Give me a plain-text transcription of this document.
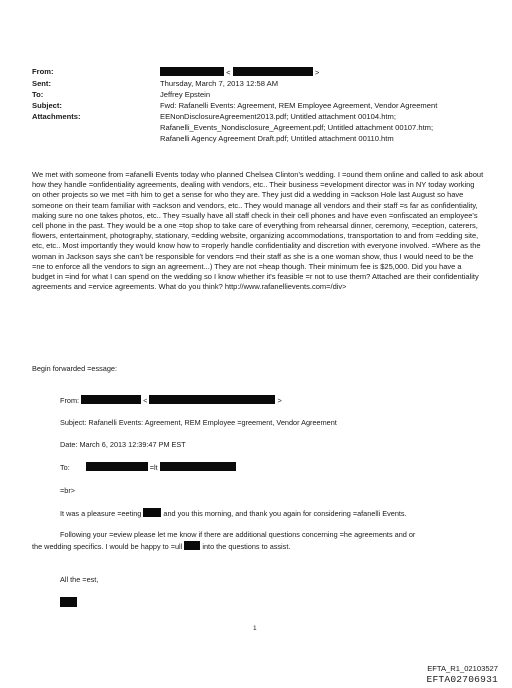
From:	<	>
Sent:	Thursday, March 7, 2013 12:58 AM
To:	Jeffrey Epstein
Subject:	Fwd: Rafanelli Events: Agreement, REM Employee Agreement, Vendor Agreement
Attachments:	EENonDisclosureAgreement2013.pdf; Untitled attachment 00104.htm;
Rafanelli_Events_Nondisclosure_Agreement.pdf; Untitled attachment 00107.htm;
Rafanelli Agency Agreement Draft.pdf; Untitled attachment 00110.htm

We met with someone from =afanelli Events today who planned Chelsea Clinton's wedding. I =ound them online and called to ask about how they handle =onfidentiality agreements, dealing with vendors, etc.. Their business =evelopment director was in NY today working on other projects so we met =ith him to get a sense for who they are. They just did a wedding in =ackson Hole last August so have someone on their team familiar with =ackson and vendors, etc.. They would manage all vendors and their staff =s far as confidentiality, making sure no one takes photos, etc.. They =sually have all staff check in their cell phones and have even =onfiscated an employee's cell phone in the past. They would be a one =top shop to take care of everything from rehearsal dinner, ceremony, =eception, caterers, flowers, entertainment, photography, stationary, =edding website, organizing accommodations, transportation to and from =edding site, etc, etc.. Most importantly they would know how to =roperly handle confidentiality and discretion with everyone involved. =Where as the woman in Jackson says she can't be responsible for vendors =nd their staff as she is a one woman show, thus I would need to be the =ne to enforce all the vendors to sign an agreement...) They are not =heap though. Their minimum fee is $25,000. Did you have a budget in =ind for what I can spend on the wedding so I know whether it's feasible =r not to use them? Attached are their confidentiality agreements and =ervice agreements. What do you think? http://www.rafanellievents.com=/div>

Begin forwarded =essage:
From:	<	>
Subject: Rafanelli Events: Agreement, REM Employee =greement, Vendor Agreement
Date: March 6, 2013 12:39:47 PM EST
To:	=lt
=br>
It was a pleasure =eeting	and you this morning, and thank you again for considering =afanelli Events.
Following your =eview please let me know if there are additional questions concerning =he agreements and or
the wedding specifics. I would be happy to =ull	into the questions to assist.
All the =est,
1
EFTA_R1_02103527
EFTA02706931
